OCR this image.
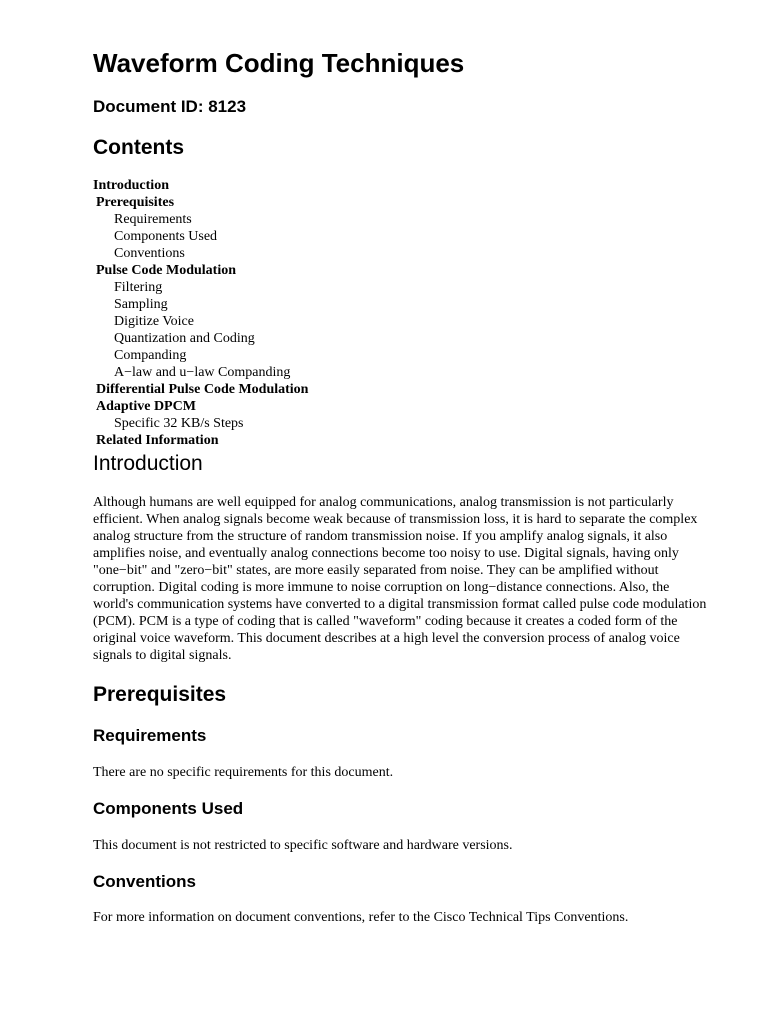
Waveform Coding Techniques
Document ID: 8123
Contents
Introduction
Prerequisites
Requirements
Components Used
Conventions
Pulse Code Modulation
Filtering
Sampling
Digitize Voice
Quantization and Coding
Companding
A−law and u−law Companding
Differential Pulse Code Modulation
Adaptive DPCM
Specific 32 KB/s Steps
Related Information
Introduction

Although humans are well equipped for analog communications, analog transmission is not particularly
efficient. When analog signals become weak because of transmission loss, it is hard to separate the complex
analog structure from the structure of random transmission noise. If you amplify analog signals, it also
amplifies noise, and eventually analog connections become too noisy to use. Digital signals, having only
"one−bit" and "zero−bit" states, are more easily separated from noise. They can be amplified without
corruption. Digital coding is more immune to noise corruption on long−distance connections. Also, the
world's communication systems have converted to a digital transmission format called pulse code modulation
(PCM). PCM is a type of coding that is called "waveform" coding because it creates a coded form of the
original voice waveform. This document describes at a high level the conversion process of analog voice
signals to digital signals.

Prerequisites
Requirements

There are no specific requirements for this document.

Components Used

This document is not restricted to specific software and hardware versions.

Conventions

For more information on document conventions, refer to the Cisco Technical Tips Conventions.
